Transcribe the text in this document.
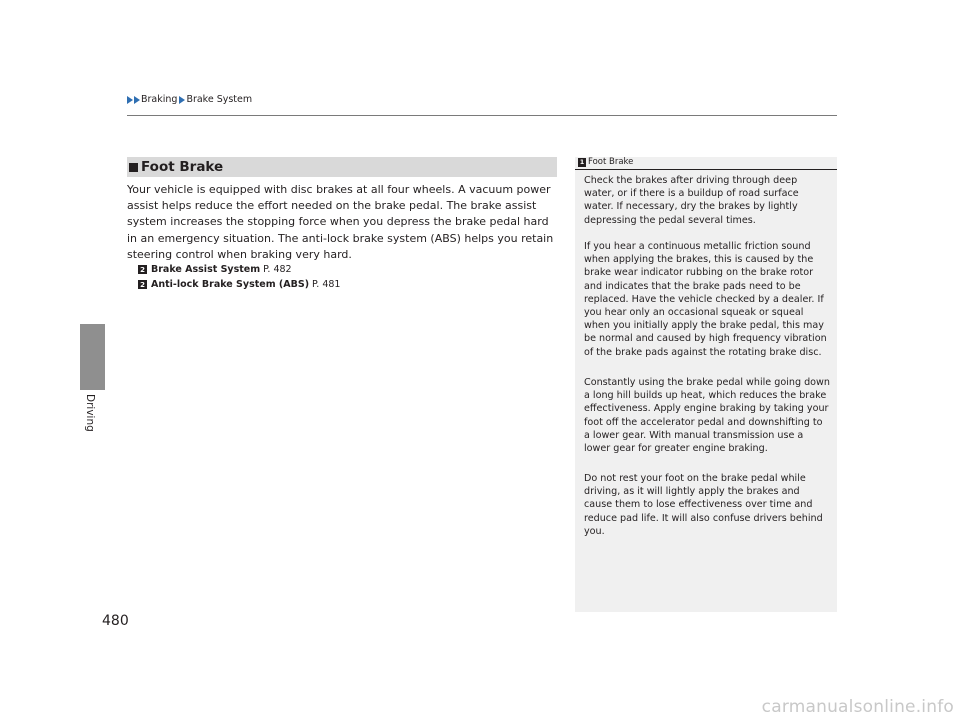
Braking Brake System
Driving
Foot Brake
Your vehicle is equipped with disc brakes at all four wheels. A vacuum power assist helps reduce the effort needed on the brake pedal. The brake assist system increases the stopping force when you depress the brake pedal hard in an emergency situation. The anti-lock brake system (ABS) helps you retain steering control when braking very hard.
2 Brake Assist System P. 482
2 Anti-lock Brake System (ABS) P. 481
1 Foot Brake
Check the brakes after driving through deep water, or if there is a buildup of road surface water. If necessary, dry the brakes by lightly depressing the pedal several times.
If you hear a continuous metallic friction sound when applying the brakes, this is caused by the brake wear indicator rubbing on the brake rotor and indicates that the brake pads need to be replaced. Have the vehicle checked by a dealer. If you hear only an occasional squeak or squeal when you initially apply the brake pedal, this may be normal and caused by high frequency vibration of the brake pads against the rotating brake disc.
Constantly using the brake pedal while going down a long hill builds up heat, which reduces the brake effectiveness. Apply engine braking by taking your foot off the accelerator pedal and downshifting to a lower gear. With manual transmission use a lower gear for greater engine braking.
Do not rest your foot on the brake pedal while driving, as it will lightly apply the brakes and cause them to lose effectiveness over time and reduce pad life. It will also confuse drivers behind you.
480
carmanualsonline.info
